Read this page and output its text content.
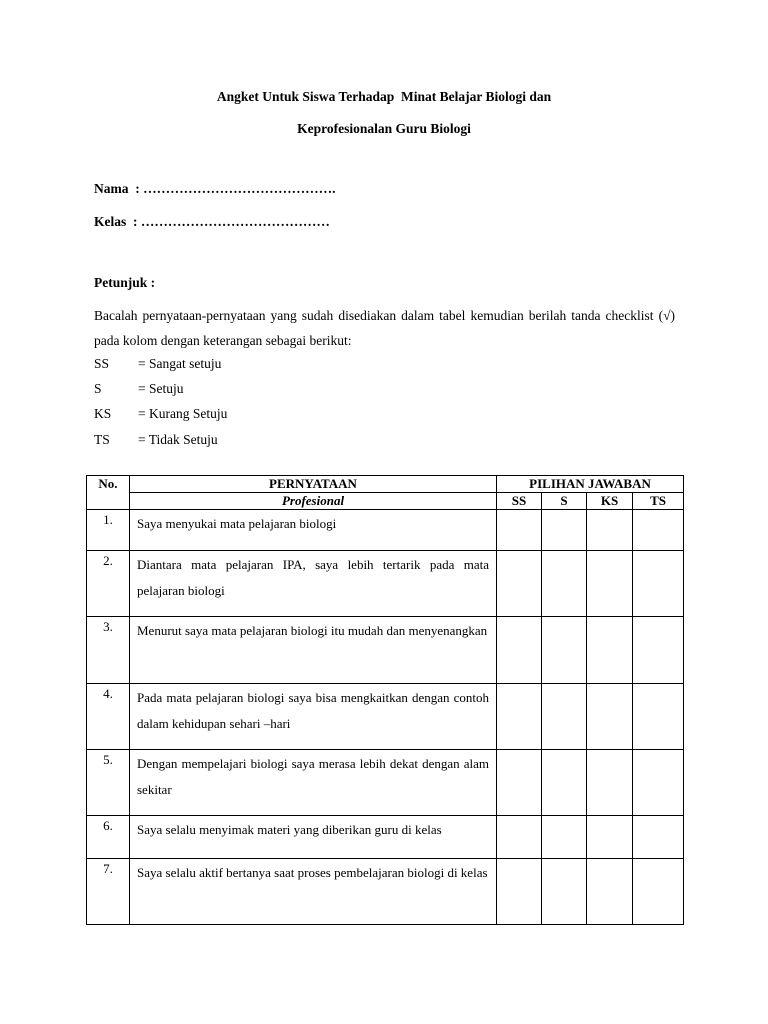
Angket Untuk Siswa Terhadap  Minat Belajar Biologi dan
Keprofesionalan Guru Biologi
Nama  : …………………………………….
Kelas  : ……………………………………
Petunjuk :
Bacalah pernyataan-pernyataan yang sudah disediakan dalam tabel kemudian berilah tanda checklist (√) pada kolom dengan keterangan sebagai berikut:
SS = Sangat setuju
S	= Setuju
KS = Kurang Setuju
TS = Tidak Setuju
No.	PERNYATAAN	PILIHAN JAWABAN			
	Profesional	SS	S	KS	TS
1.	Saya menyukai mata pelajaran biologi				
2.	Diantara mata pelajaran IPA, saya lebih tertarik pada mata pelajaran biologi				
3.	Menurut saya mata pelajaran biologi itu mudah dan menyenangkan				
4.	Pada mata pelajaran biologi saya bisa mengkaitkan dengan contoh dalam kehidupan sehari –hari				
5.	Dengan mempelajari biologi saya merasa lebih dekat dengan alam sekitar				
6.	Saya selalu menyimak materi yang diberikan guru di kelas				
7.	Saya selalu aktif bertanya saat proses pembelajaran biologi di kelas				
